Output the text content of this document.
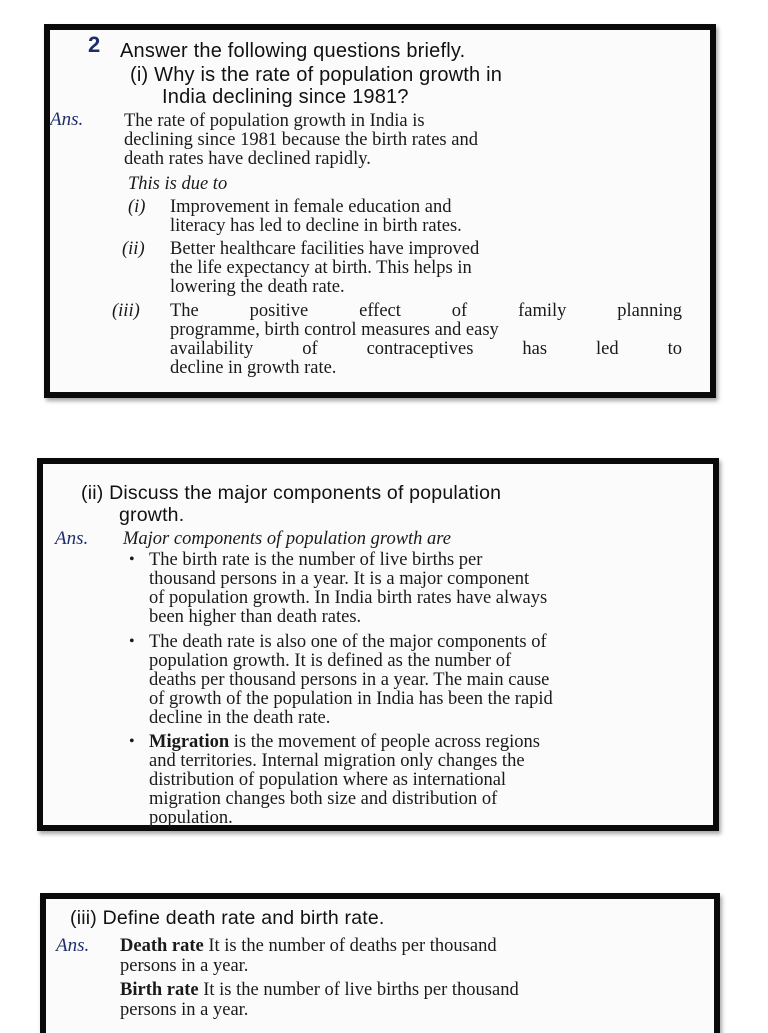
2 Answer the following questions briefly.
(i) Why is the rate of population growth in
India declining since 1981?
Ans. The rate of population growth in India is
declining since 1981 because the birth rates and
death rates have declined rapidly.
This is due to
(i) Improvement in female education and
literacy has led to decline in birth rates.
(ii) Better healthcare facilities have improved
the life expectancy at birth. This helps in
lowering the death rate.
(iii) The positive effect of family planning
programme, birth control measures and easy
availability of contraceptives has led to
decline in growth rate.
(ii) Discuss the major components of population
growth.
Ans. Major components of population growth are
• The birth rate is the number of live births per
thousand persons in a year. It is a major component
of population growth. In India birth rates have always
been higher than death rates.
• The death rate is also one of the major components of
population growth. It is defined as the number of
deaths per thousand persons in a year. The main cause
of growth of the population in India has been the rapid
decline in the death rate.
• Migration is the movement of people across regions
and territories. Internal migration only changes the
distribution of population where as international
migration changes both size and distribution of
population.
(iii) Define death rate and birth rate.
Ans. Death rate It is the number of deaths per thousand
persons in a year.
Birth rate It is the number of live births per thousand
persons in a year.
